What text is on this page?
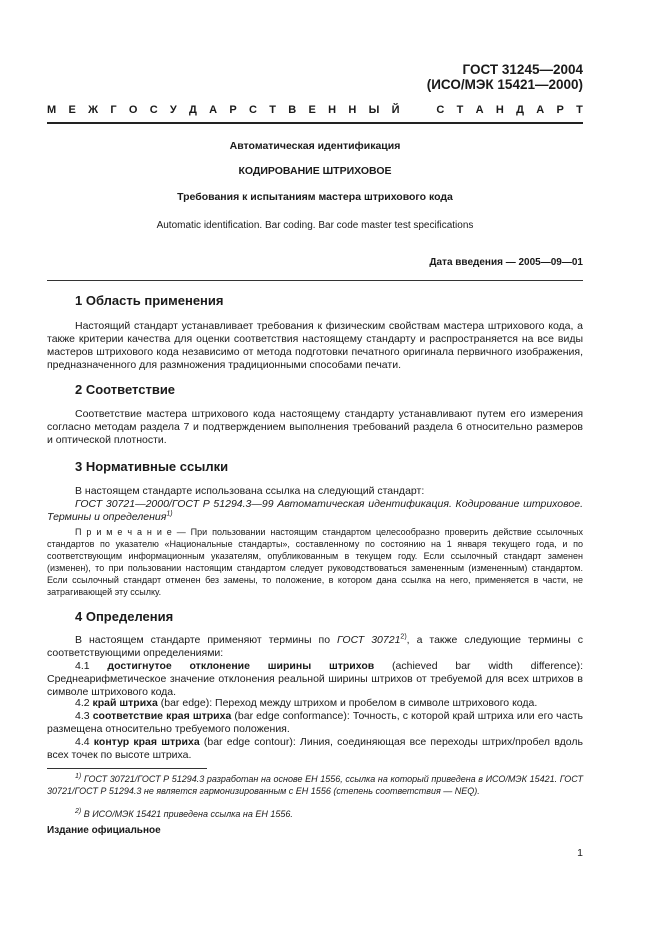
ГОСТ 31245—2004
(ИСО/МЭК 15421—2000)
М Е Ж Г О С У Д А Р С Т В Е Н Н Ы Й	С Т А Н Д А Р Т
Автоматическая идентификация
КОДИРОВАНИЕ ШТРИХОВОЕ
Требования к испытаниям мастера штрихового кода
Automatic identification. Bar coding. Bar code master test specifications
Дата введения — 2005—09—01
1 Область применения

Настоящий стандарт устанавливает требования к физическим свойствам мастера штрихового кода, а также критерии качества для оценки соответствия настоящему стандарту и распространяется на все виды мастеров штрихового кода независимо от метода подготовки печатного оригинала первичного изображения, предназначенного для размножения традиционными способами печати.

2 Соответствие

Соответствие мастера штрихового кода настоящему стандарту устанавливают путем его измерения согласно методам раздела 7 и подтверждением выполнения требований раздела 6 относительно размеров и оптической плотности.

3 Нормативные ссылки

В настоящем стандарте использована ссылка на следующий стандарт:

ГОСТ 30721—2000/ГОСТ Р 51294.3—99 Автоматическая идентификация. Кодирование штриховое. Термины и определения$^{1)}$

П р и м е ч а н и е — При пользовании настоящим стандартом целесообразно проверить действие ссылочных стандартов по указателю «Национальные стандарты», составленному по состоянию на 1 января текущего года, и по соответствующим информационным указателям, опубликованным в текущем году. Если ссылочный стандарт заменен (изменен), то при пользовании настоящим стандартом следует руководствоваться замененным (измененным) стандартом. Если ссылочный стандарт отменен без замены, то положение, в котором дана ссылка на него, применяется в части, не затрагивающей эту ссылку.

4 Определения

В настоящем стандарте применяют термины по ГОСТ 30721$^{2)}$, а также следующие термины с соответствующими определениями:

4.1 достигнутое отклонение ширины штрихов (achieved bar width difference): Среднеарифметическое значение отклонения реальной ширины штрихов от требуемой для всех штрихов в символе штрихового кода.

4.2 край штриха (bar edge): Переход между штрихом и пробелом в символе штрихового кода.

4.3 соответствие края штриха (bar edge conformance): Точность, с которой край штриха или его часть размещена относительно требуемого положения.

4.4 контур края штриха (bar edge contour): Линия, соединяющая все переходы штрих/пробел вдоль всех точек по высоте штриха.

$^{1)}$ ГОСТ 30721/ГОСТ Р 51294.3 разработан на основе ЕН 1556, ссылка на который приведена в ИСО/МЭК 15421. ГОСТ 30721/ГОСТ Р 51294.3 не является гармонизированным с ЕН 1556 (степень соответствия — NEQ).

$^{2)}$ В ИСО/МЭК 15421 приведена ссылка на ЕН 1556.

Издание официальное
1
